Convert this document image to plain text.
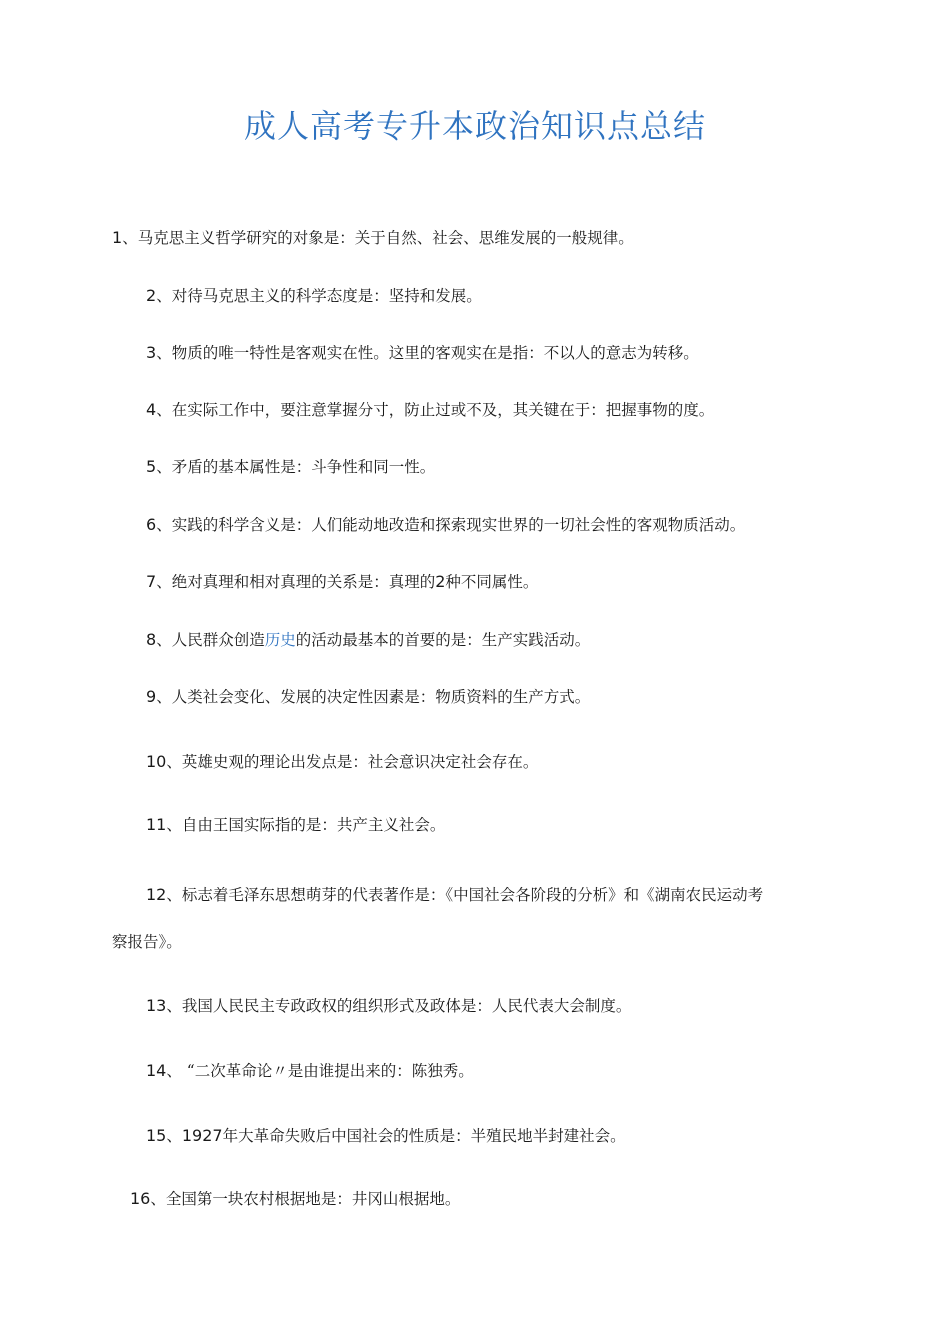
成人高考专升本政治知识点总结
1、马克思主义哲学研究的对象是：关于自然、社会、思维发展的一般规律。
2、对待马克思主义的科学态度是：坚持和发展。
3、物质的唯一特性是客观实在性。这里的客观实在是指：不以人的意志为转移。
4、在实际工作中，要注意掌握分寸，防止过或不及，其关键在于：把握事物的度。
5、矛盾的基本属性是：斗争性和同一性。
6、实践的科学含义是：人们能动地改造和探索现实世界的一切社会性的客观物质活动。
7、绝对真理和相对真理的关系是：真理的2种不同属性。
8、人民群众创造历史的活动最基本的首要的是：生产实践活动。
9、人类社会变化、发展的决定性因素是：物质资料的生产方式。
10、英雄史观的理论出发点是：社会意识决定社会存在。
11、自由王国实际指的是：共产主义社会。
12、标志着毛泽东思想萌芽的代表著作是：《中国社会各阶段的分析》和《湖南农民运动考
察报告》。
13、我国人民民主专政政权的组织形式及政体是：人民代表大会制度。
14、 “二次革命论〃是由谁提出来的：陈独秀。
15、1927年大革命失败后中国社会的性质是：半殖民地半封建社会。
16、全国第一块农村根据地是：井冈山根据地。
